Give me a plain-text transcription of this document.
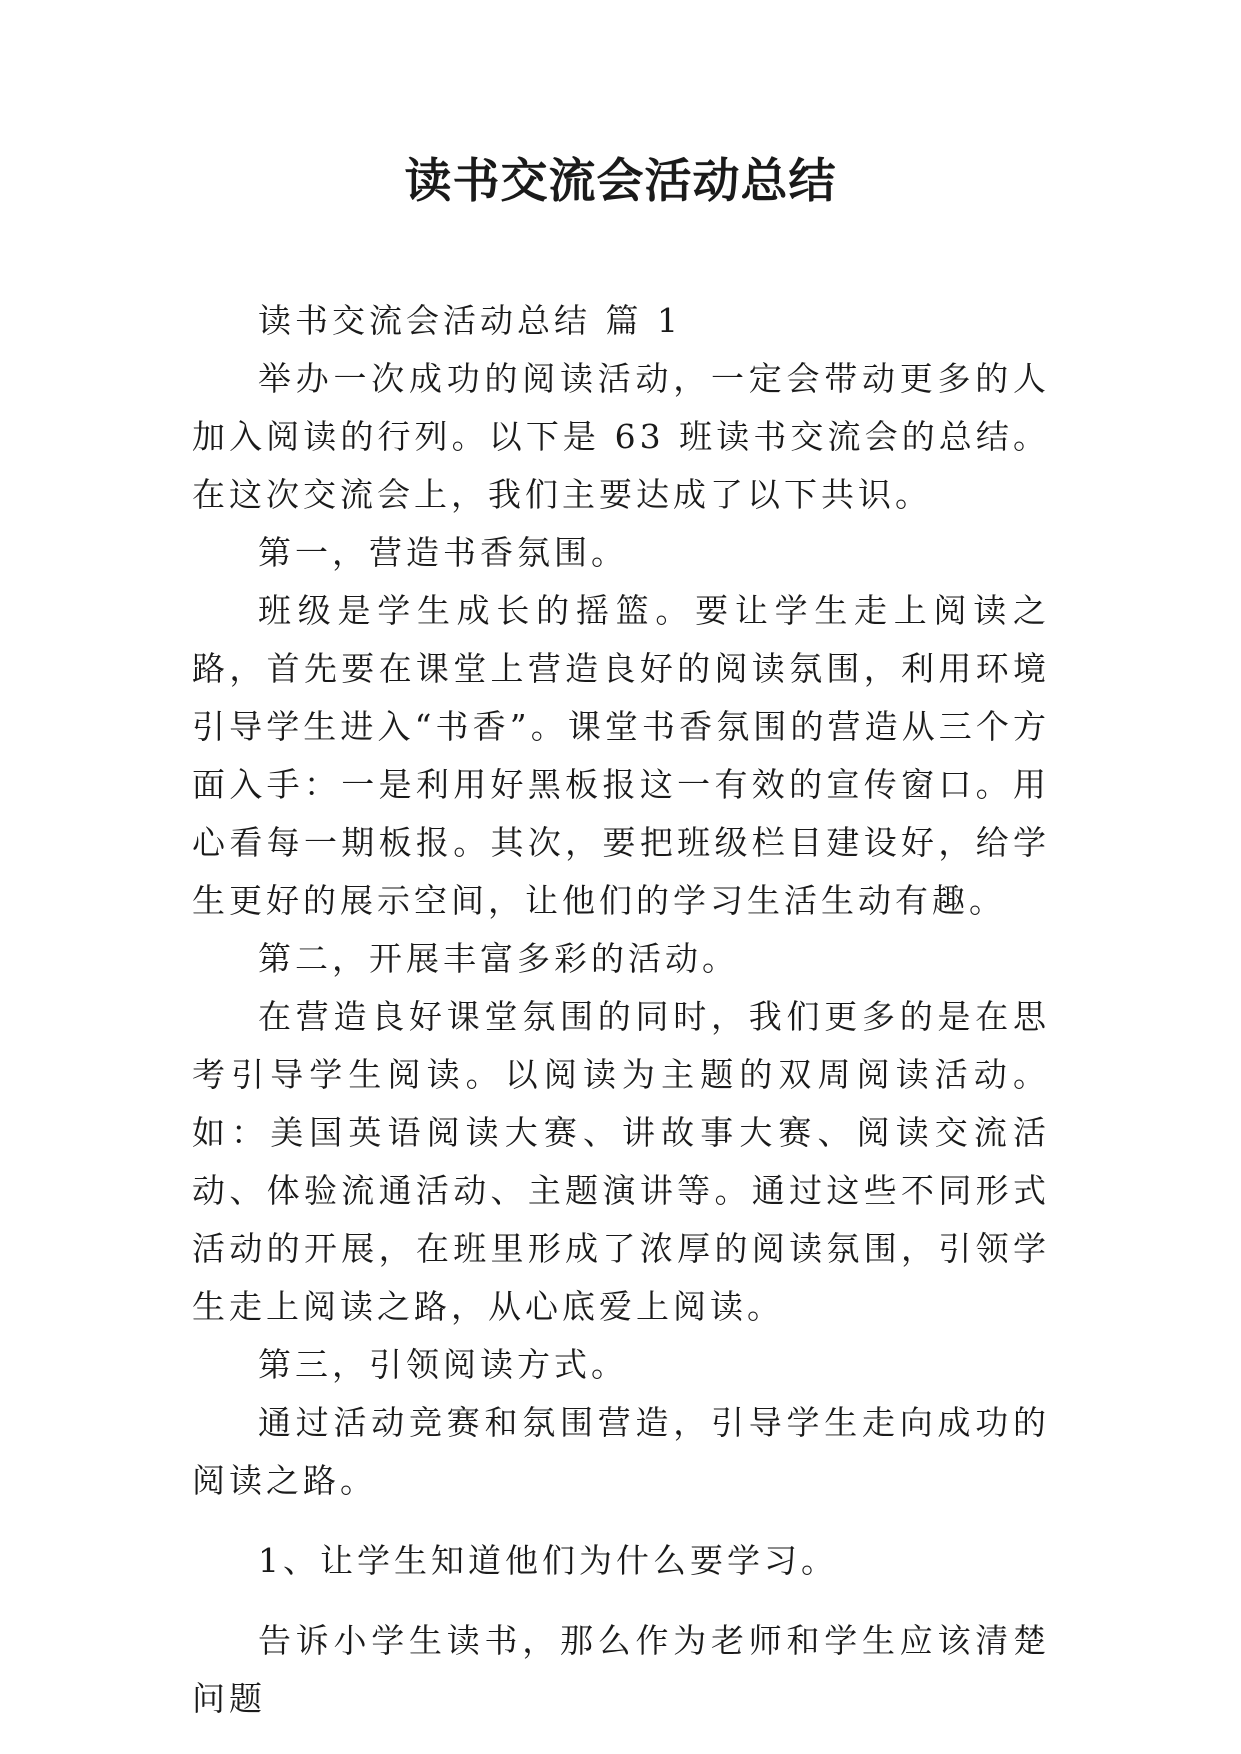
读书交流会活动总结

读书交流会活动总结 篇 1

举办一次成功的阅读活动，一定会带动更多的人加入阅读的行列。以下是 63 班读书交流会的总结。在这次交流会上，我们主要达成了以下共识。

第一，营造书香氛围。

班级是学生成长的摇篮。要让学生走上阅读之路，首先要在课堂上营造良好的阅读氛围，利用环境引导学生进入“书香”。课堂书香氛围的营造从三个方面入手：一是利用好黑板报这一有效的宣传窗口。用心看每一期板报。其次，要把班级栏目建设好，给学生更好的展示空间，让他们的学习生活生动有趣。

第二，开展丰富多彩的活动。

在营造良好课堂氛围的同时，我们更多的是在思考引导学生阅读。以阅读为主题的双周阅读活动。如：美国英语阅读大赛、讲故事大赛、阅读交流活动、体验流通活动、主题演讲等。通过这些不同形式活动的开展，在班里形成了浓厚的阅读氛围，引领学生走上阅读之路，从心底爱上阅读。

第三，引领阅读方式。

通过活动竞赛和氛围营造，引导学生走向成功的阅读之路。

1、让学生知道他们为什么要学习。

告诉小学生读书，那么作为老师和学生应该清楚问题
